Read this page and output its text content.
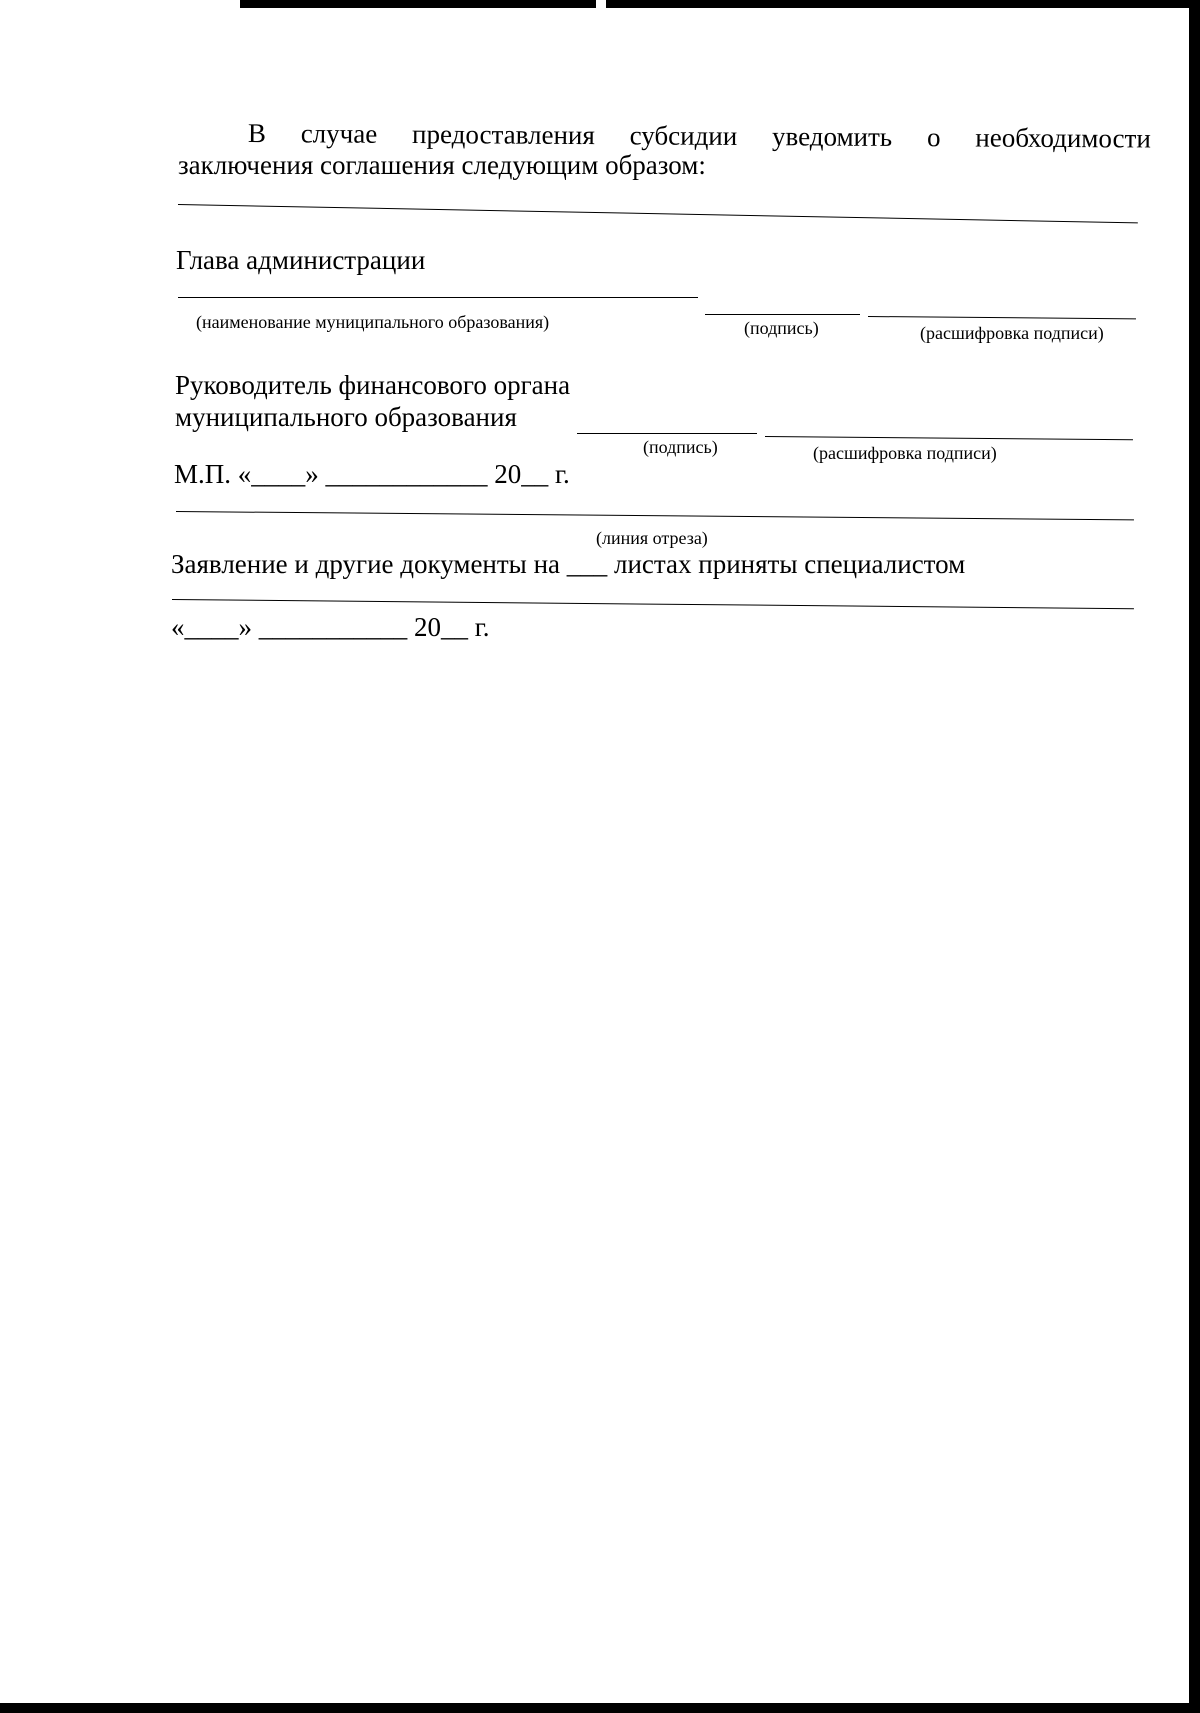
В случае предоставления субсидии уведомить о необходимости
заключения соглашения следующим образом:
Глава администрации
(наименование муниципального образования)	(подпись)	(расшифровка подписи)
Руководитель финансового органа
муниципального образования
(подпись)	(расшифровка подписи)
М.П. «____» ____________ 20__ г.
(линия отреза)
Заявление и другие документы на ___ листах приняты специалистом
«____» ___________ 20__ г.
